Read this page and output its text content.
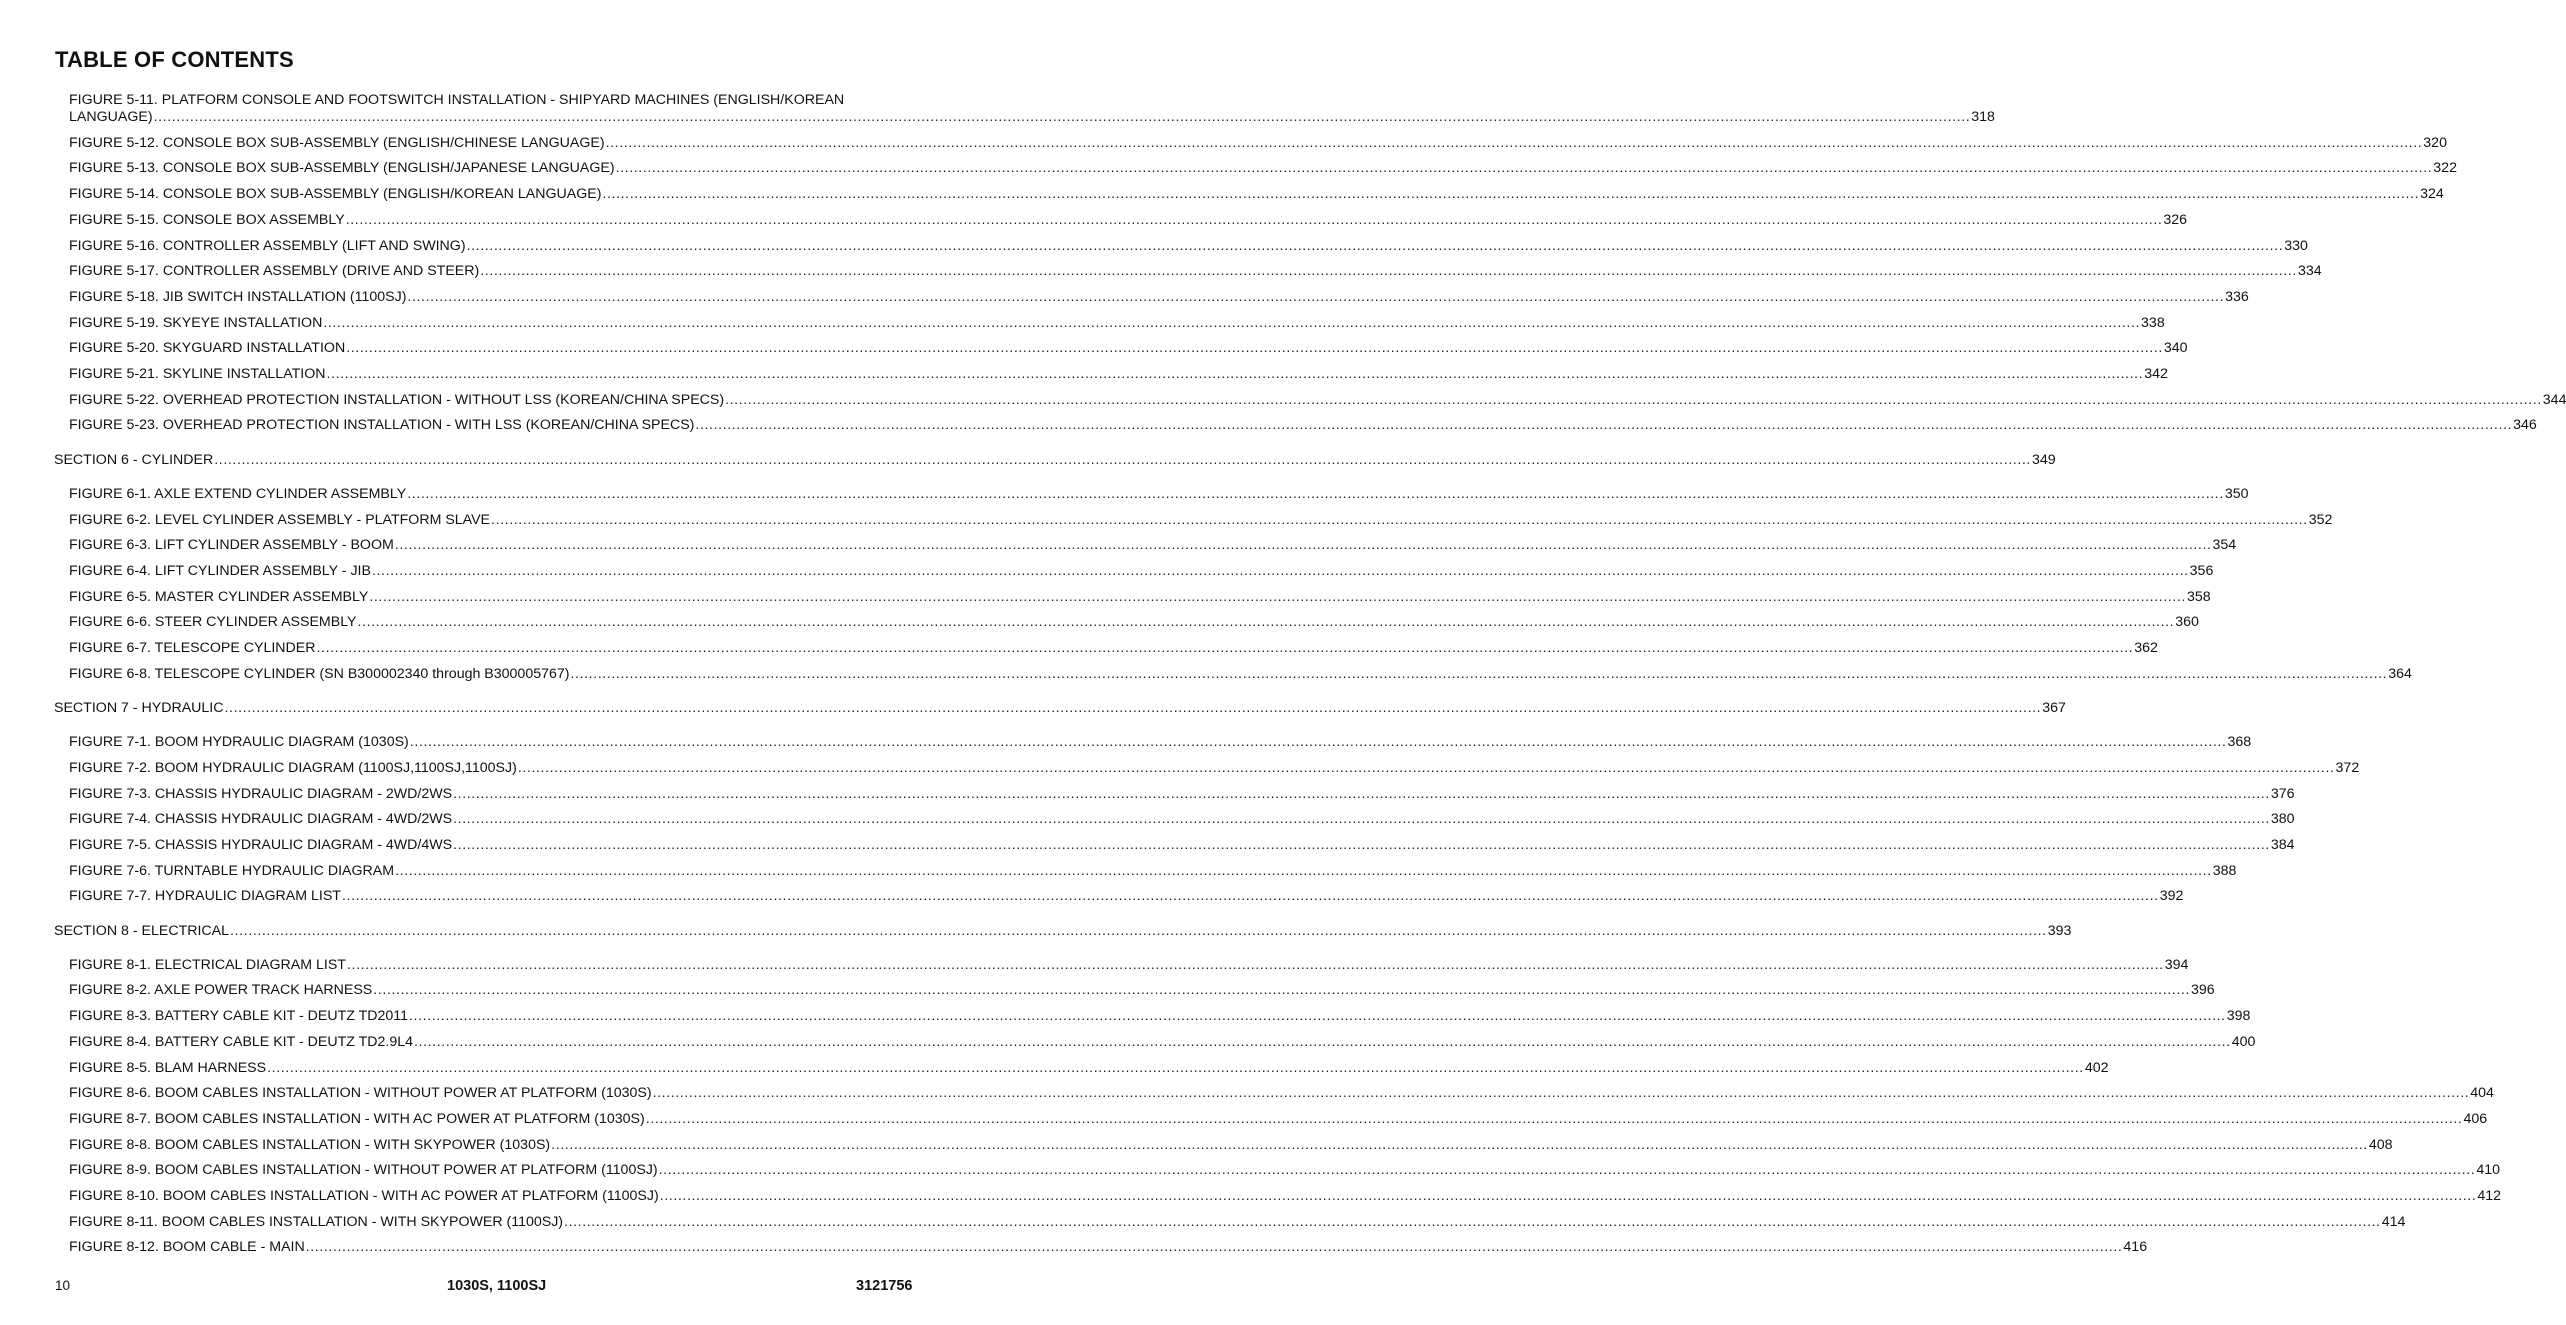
TABLE OF CONTENTS
FIGURE 5-11. PLATFORM CONSOLE AND FOOTSWITCH INSTALLATION - SHIPYARD MACHINES (ENGLISH/KOREAN
LANGUAGE) ................................................................................................................................................................................................................................................................................................................................................................................................................ 318
FIGURE 5-12. CONSOLE BOX SUB-ASSEMBLY (ENGLISH/CHINESE LANGUAGE) ................................................................................................................................................................................................................................................................................................................................................................................................................ 320
FIGURE 5-13. CONSOLE BOX SUB-ASSEMBLY (ENGLISH/JAPANESE LANGUAGE) ................................................................................................................................................................................................................................................................................................................................................................................................................ 322
FIGURE 5-14. CONSOLE BOX SUB-ASSEMBLY (ENGLISH/KOREAN LANGUAGE) ................................................................................................................................................................................................................................................................................................................................................................................................................ 324
FIGURE 5-15. CONSOLE BOX ASSEMBLY ................................................................................................................................................................................................................................................................................................................................................................................................................ 326
FIGURE 5-16. CONTROLLER ASSEMBLY (LIFT AND SWING) ................................................................................................................................................................................................................................................................................................................................................................................................................ 330
FIGURE 5-17. CONTROLLER ASSEMBLY (DRIVE AND STEER) ................................................................................................................................................................................................................................................................................................................................................................................................................ 334
FIGURE 5-18. JIB SWITCH INSTALLATION (1100SJ) ................................................................................................................................................................................................................................................................................................................................................................................................................ 336
FIGURE 5-19. SKYEYE INSTALLATION ................................................................................................................................................................................................................................................................................................................................................................................................................ 338
FIGURE 5-20. SKYGUARD INSTALLATION ................................................................................................................................................................................................................................................................................................................................................................................................................ 340
FIGURE 5-21. SKYLINE INSTALLATION ................................................................................................................................................................................................................................................................................................................................................................................................................ 342
FIGURE 5-22. OVERHEAD PROTECTION INSTALLATION - WITHOUT LSS (KOREAN/CHINA SPECS) ................................................................................................................................................................................................................................................................................................................................................................................................................ 344
FIGURE 5-23. OVERHEAD PROTECTION INSTALLATION - WITH LSS (KOREAN/CHINA SPECS) ................................................................................................................................................................................................................................................................................................................................................................................................................ 346
SECTION 6 - CYLINDER ................................................................................................................................................................................................................................................................................................................................................................................................................ 349
FIGURE 6-1. AXLE EXTEND CYLINDER ASSEMBLY ................................................................................................................................................................................................................................................................................................................................................................................................................ 350
FIGURE 6-2. LEVEL CYLINDER ASSEMBLY - PLATFORM SLAVE ................................................................................................................................................................................................................................................................................................................................................................................................................ 352
FIGURE 6-3. LIFT CYLINDER ASSEMBLY - BOOM ................................................................................................................................................................................................................................................................................................................................................................................................................ 354
FIGURE 6-4. LIFT CYLINDER ASSEMBLY - JIB ................................................................................................................................................................................................................................................................................................................................................................................................................ 356
FIGURE 6-5. MASTER CYLINDER ASSEMBLY ................................................................................................................................................................................................................................................................................................................................................................................................................ 358
FIGURE 6-6. STEER CYLINDER ASSEMBLY ................................................................................................................................................................................................................................................................................................................................................................................................................ 360
FIGURE 6-7. TELESCOPE CYLINDER ................................................................................................................................................................................................................................................................................................................................................................................................................ 362
FIGURE 6-8. TELESCOPE CYLINDER (SN B300002340 through B300005767) ................................................................................................................................................................................................................................................................................................................................................................................................................ 364
SECTION 7 - HYDRAULIC ................................................................................................................................................................................................................................................................................................................................................................................................................ 367
FIGURE 7-1. BOOM HYDRAULIC DIAGRAM (1030S) ................................................................................................................................................................................................................................................................................................................................................................................................................ 368
FIGURE 7-2. BOOM HYDRAULIC DIAGRAM (1100SJ,1100SJ,1100SJ) ................................................................................................................................................................................................................................................................................................................................................................................................................ 372
FIGURE 7-3. CHASSIS HYDRAULIC DIAGRAM - 2WD/2WS ................................................................................................................................................................................................................................................................................................................................................................................................................ 376
FIGURE 7-4. CHASSIS HYDRAULIC DIAGRAM - 4WD/2WS ................................................................................................................................................................................................................................................................................................................................................................................................................ 380
FIGURE 7-5. CHASSIS HYDRAULIC DIAGRAM - 4WD/4WS ................................................................................................................................................................................................................................................................................................................................................................................................................ 384
FIGURE 7-6. TURNTABLE HYDRAULIC DIAGRAM ................................................................................................................................................................................................................................................................................................................................................................................................................ 388
FIGURE 7-7. HYDRAULIC DIAGRAM LIST ................................................................................................................................................................................................................................................................................................................................................................................................................ 392
SECTION 8 - ELECTRICAL ................................................................................................................................................................................................................................................................................................................................................................................................................ 393
FIGURE 8-1. ELECTRICAL DIAGRAM LIST ................................................................................................................................................................................................................................................................................................................................................................................................................ 394
FIGURE 8-2. AXLE POWER TRACK HARNESS ................................................................................................................................................................................................................................................................................................................................................................................................................ 396
FIGURE 8-3. BATTERY CABLE KIT - DEUTZ TD2011 ................................................................................................................................................................................................................................................................................................................................................................................................................ 398
FIGURE 8-4. BATTERY CABLE KIT - DEUTZ TD2.9L4 ................................................................................................................................................................................................................................................................................................................................................................................................................ 400
FIGURE 8-5. BLAM HARNESS ................................................................................................................................................................................................................................................................................................................................................................................................................ 402
FIGURE 8-6. BOOM CABLES INSTALLATION - WITHOUT POWER AT PLATFORM (1030S) ................................................................................................................................................................................................................................................................................................................................................................................................................ 404
FIGURE 8-7. BOOM CABLES INSTALLATION - WITH AC POWER AT PLATFORM (1030S) ................................................................................................................................................................................................................................................................................................................................................................................................................ 406
FIGURE 8-8. BOOM CABLES INSTALLATION - WITH SKYPOWER (1030S) ................................................................................................................................................................................................................................................................................................................................................................................................................ 408
FIGURE 8-9. BOOM CABLES INSTALLATION - WITHOUT POWER AT PLATFORM (1100SJ) ................................................................................................................................................................................................................................................................................................................................................................................................................ 410
FIGURE 8-10. BOOM CABLES INSTALLATION - WITH AC POWER AT PLATFORM (1100SJ) ................................................................................................................................................................................................................................................................................................................................................................................................................ 412
FIGURE 8-11. BOOM CABLES INSTALLATION - WITH SKYPOWER (1100SJ) ................................................................................................................................................................................................................................................................................................................................................................................................................ 414
FIGURE 8-12. BOOM CABLE - MAIN ................................................................................................................................................................................................................................................................................................................................................................................................................ 416
10	1030S, 1100SJ	3121756
